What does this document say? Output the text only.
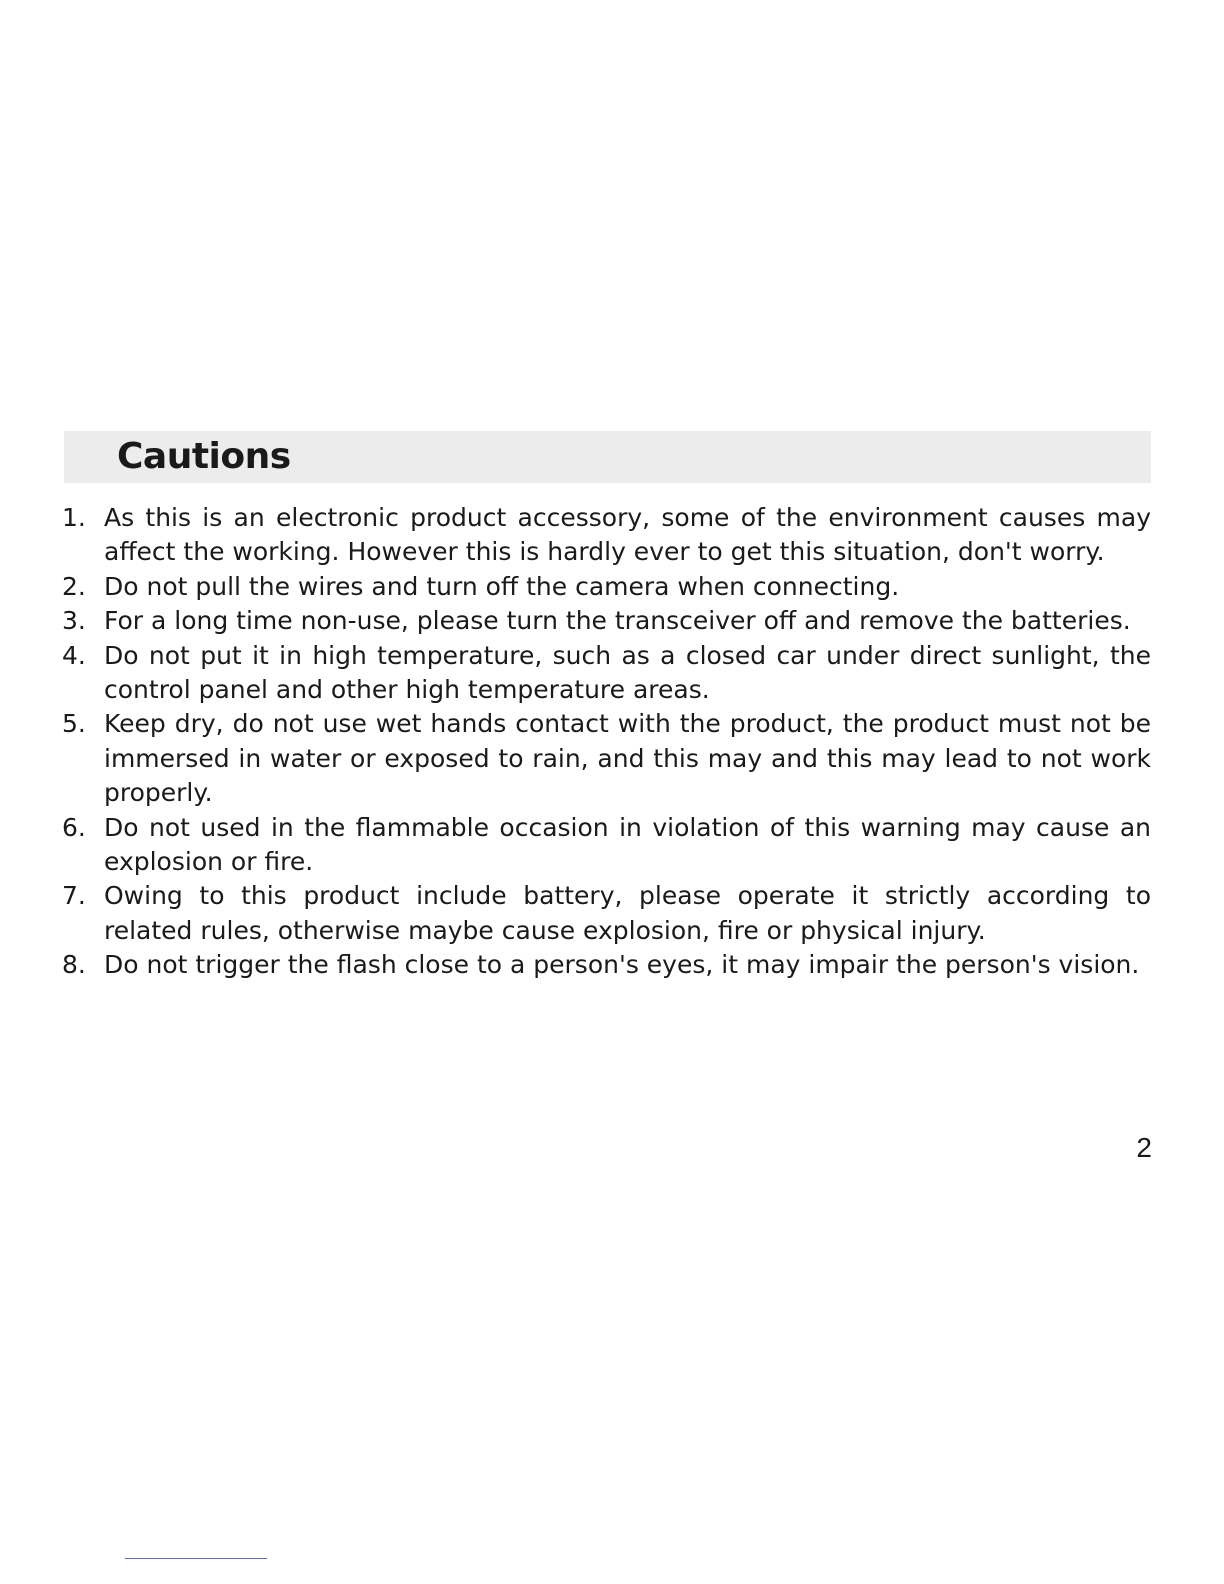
Cautions
1. As this is an electronic product accessory, some of the environment causes may affect the working. However this is hardly ever to get this situation, don't worry.
2. Do not pull the wires and turn off the camera when connecting.
3. For a long time non-use, please turn the transceiver off and remove the batteries.
4. Do not put it in high temperature, such as a closed car under direct sunlight, the control panel and other high temperature areas.
5. Keep dry, do not use wet hands contact with the product, the product must not be immersed in water or exposed to rain, and this may and this may lead to not work properly.
6. Do not used in the flammable occasion in violation of this warning may cause an explosion or fire.
7. Owing to this product include battery, please operate it strictly according to related rules, otherwise maybe cause explosion, fire or physical injury.
8. Do not trigger the flash close to a person's eyes, it may impair the person's vision.
2
